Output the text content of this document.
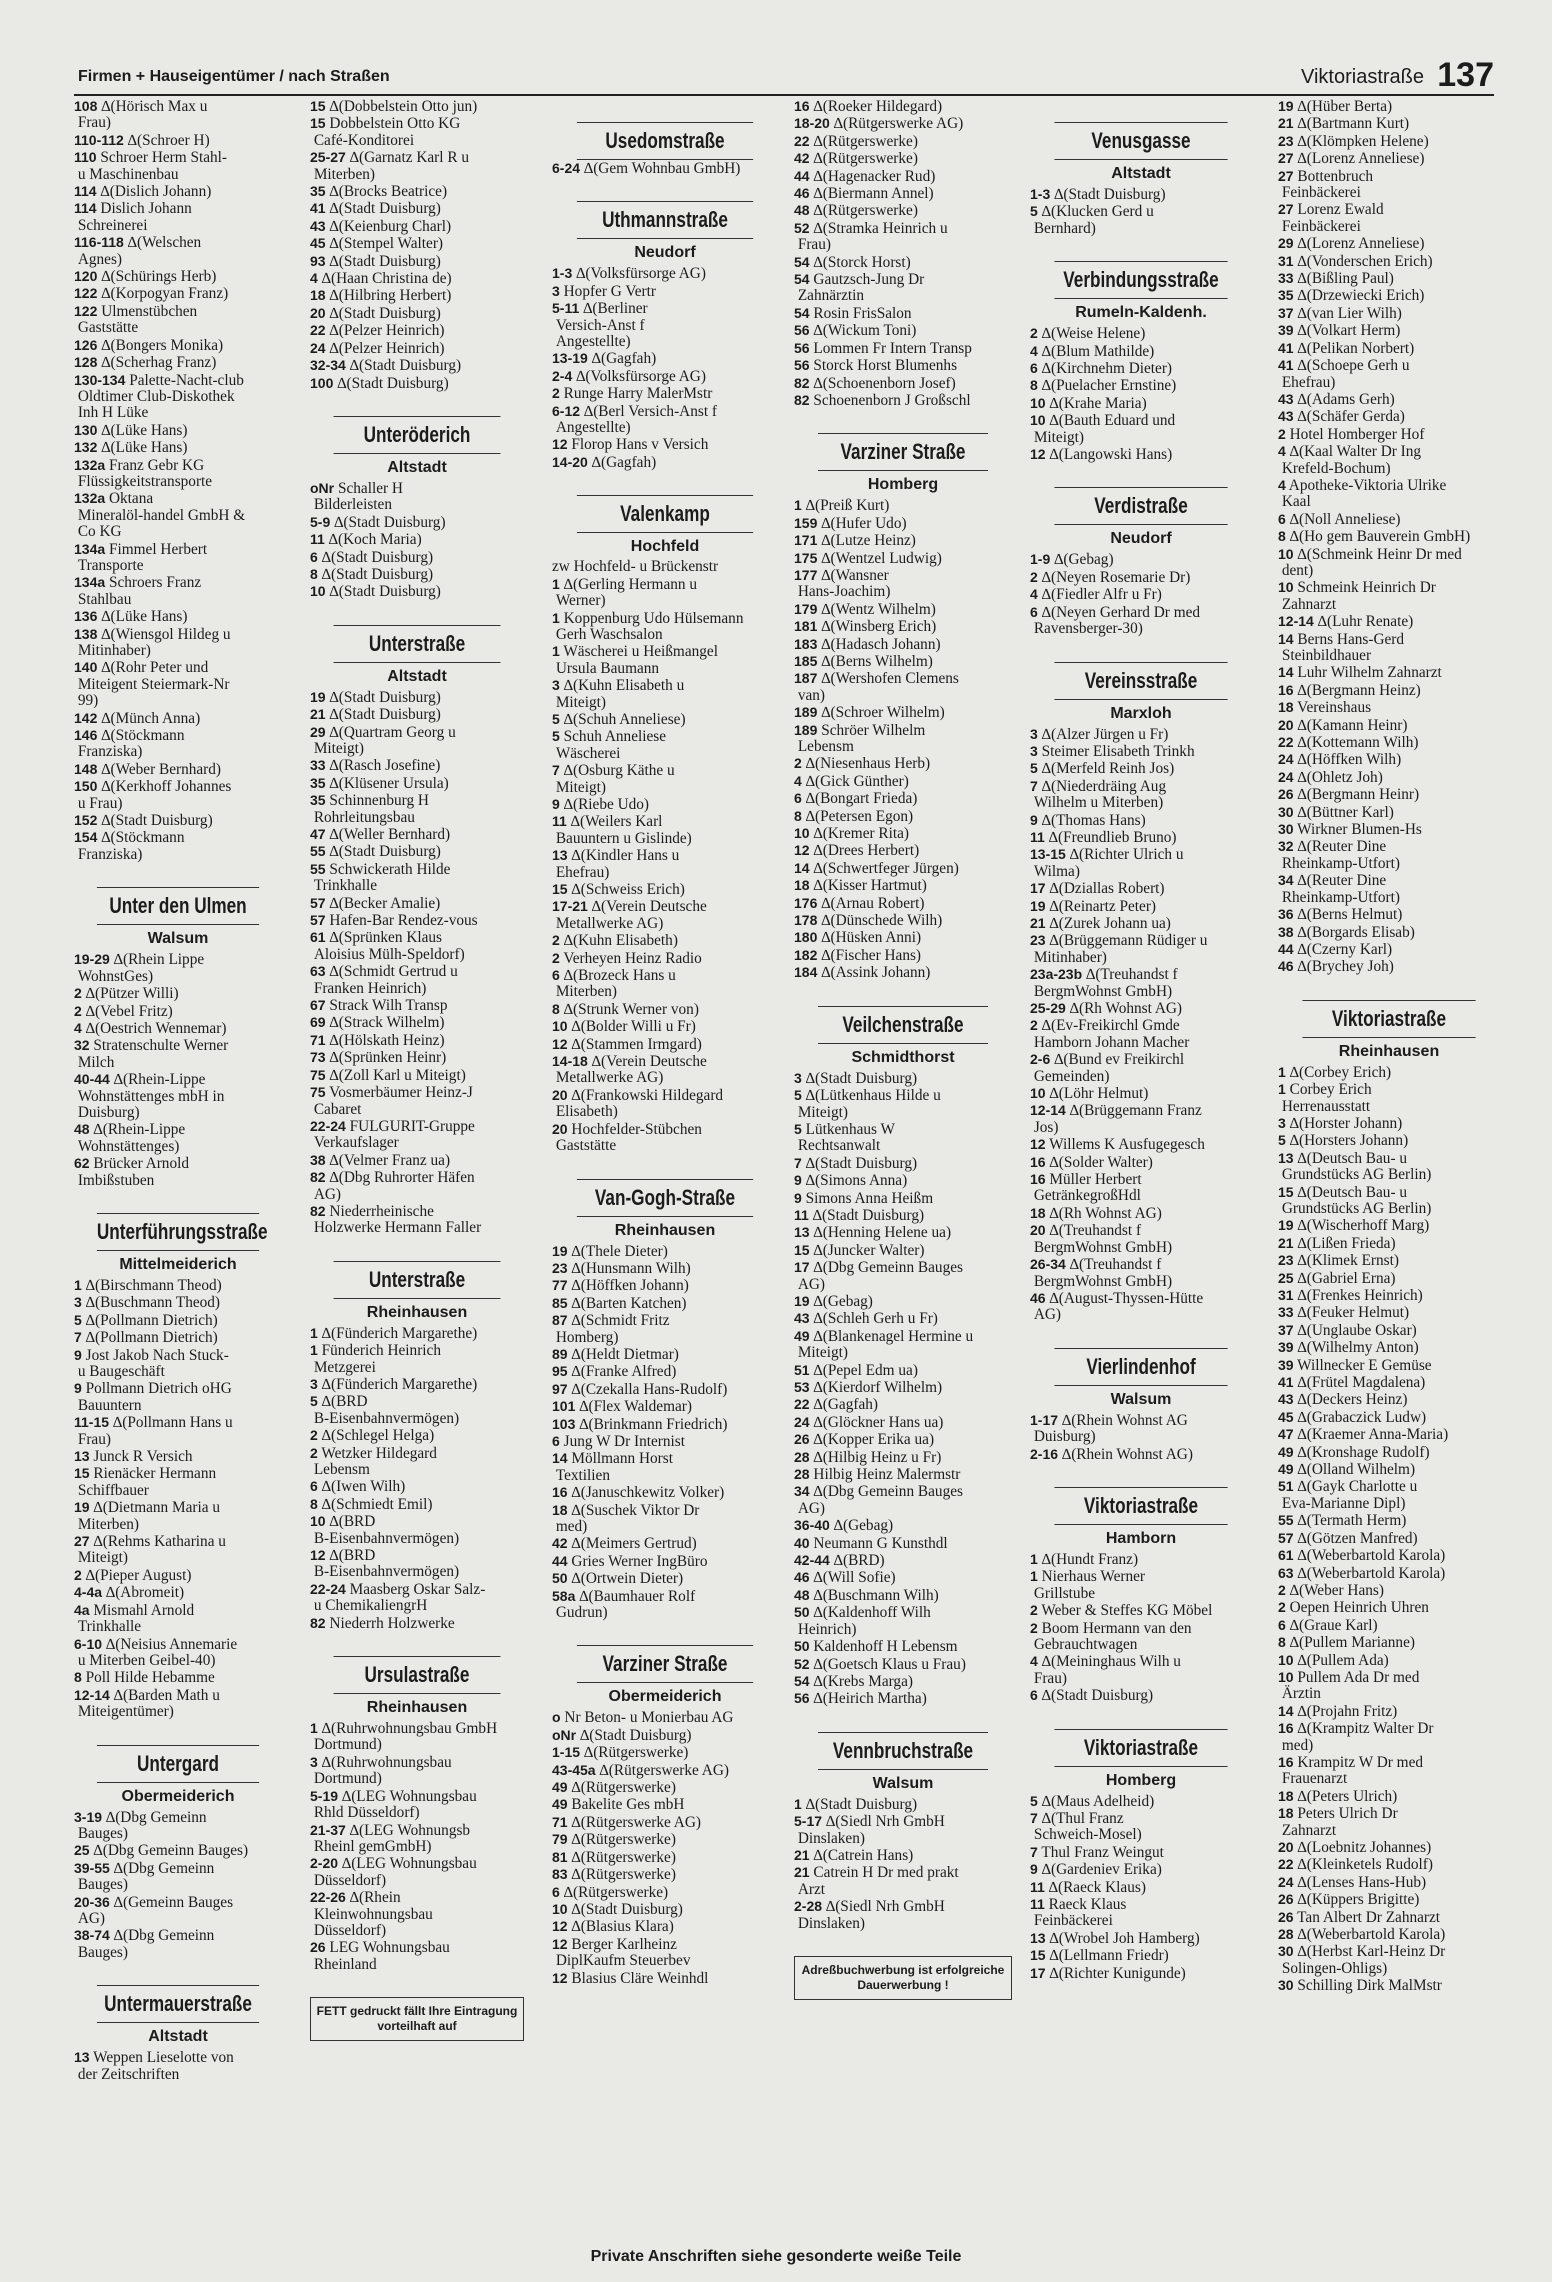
Firmen + Hauseigentümer / nach Straßen	Viktoriastraße 137
108 ∆(Hörisch Max u
Frau)
110-112 ∆(Schroer H)
110 Schroer Herm Stahl-
u Maschinenbau
114 ∆(Dislich Johann)
114 Dislich Johann
Schreinerei
116-118 ∆(Welschen
Agnes)
120 ∆(Schürings Herb)
122 ∆(Korpogyan Franz)
122 Ulmenstübchen
Gaststätte
126 ∆(Bongers Monika)
128 ∆(Scherhag Franz)
130-134 Palette-Nacht-club
Oldtimer Club-Diskothek
Inh H Lüke
130 ∆(Lüke Hans)
132 ∆(Lüke Hans)
132a Franz Gebr KG
Flüssigkeitstransporte
132a Oktana
Mineralöl-handel GmbH &
Co KG
134a Fimmel Herbert
Transporte
134a Schroers Franz
Stahlbau
136 ∆(Lüke Hans)
138 ∆(Wiensgol Hildeg u
Mitinhaber)
140 ∆(Rohr Peter und
Miteigent Steiermark-Nr
99)
142 ∆(Münch Anna)
146 ∆(Stöckmann
Franziska)
148 ∆(Weber Bernhard)
150 ∆(Kerkhoff Johannes
u Frau)
152 ∆(Stadt Duisburg)
154 ∆(Stöckmann
Franziska)
Unter den Ulmen
Walsum
19-29 ∆(Rhein Lippe
WohnstGes)
2 ∆(Pützer Willi)
2 ∆(Vebel Fritz)
4 ∆(Oestrich Wennemar)
32 Stratenschulte Werner
Milch
40-44 ∆(Rhein-Lippe
Wohnstättenges mbH in
Duisburg)
48 ∆(Rhein-Lippe
Wohnstättenges)
62 Brücker Arnold
Imbißstuben
Unterführungsstraße
Mittelmeiderich
1 ∆(Birschmann Theod)
3 ∆(Buschmann Theod)
5 ∆(Pollmann Dietrich)
7 ∆(Pollmann Dietrich)
9 Jost Jakob Nach Stuck-
u Baugeschäft
9 Pollmann Dietrich oHG
Bauuntern
11-15 ∆(Pollmann Hans u
Frau)
13 Junck R Versich
15 Rienäcker Hermann
Schiffbauer
19 ∆(Dietmann Maria u
Miterben)
27 ∆(Rehms Katharina u
Miteigt)
2 ∆(Pieper August)
4-4a ∆(Abromeit)
4a Mismahl Arnold
Trinkhalle
6-10 ∆(Neisius Annemarie
u Miterben Geibel-40)
8 Poll Hilde Hebamme
12-14 ∆(Barden Math u
Miteigentümer)
Untergard
Obermeiderich
3-19 ∆(Dbg Gemeinn
Bauges)
25 ∆(Dbg Gemeinn Bauges)
39-55 ∆(Dbg Gemeinn
Bauges)
20-36 ∆(Gemeinn Bauges
AG)
38-74 ∆(Dbg Gemeinn
Bauges)
Untermauerstraße
Altstadt
13 Weppen Lieselotte von
der Zeitschriften
15 ∆(Dobbelstein Otto jun)
15 Dobbelstein Otto KG
Café-Konditorei
25-27 ∆(Garnatz Karl R u
Miterben)
35 ∆(Brocks Beatrice)
41 ∆(Stadt Duisburg)
43 ∆(Keienburg Charl)
45 ∆(Stempel Walter)
93 ∆(Stadt Duisburg)
4 ∆(Haan Christina de)
18 ∆(Hilbring Herbert)
20 ∆(Stadt Duisburg)
22 ∆(Pelzer Heinrich)
24 ∆(Pelzer Heinrich)
32-34 ∆(Stadt Duisburg)
100 ∆(Stadt Duisburg)
Unteröderich
Altstadt
oNr Schaller H
Bilderleisten
5-9 ∆(Stadt Duisburg)
11 ∆(Koch Maria)
6 ∆(Stadt Duisburg)
8 ∆(Stadt Duisburg)
10 ∆(Stadt Duisburg)
Unterstraße
Altstadt
19 ∆(Stadt Duisburg)
21 ∆(Stadt Duisburg)
29 ∆(Quartram Georg u
Miteigt)
33 ∆(Rasch Josefine)
35 ∆(Klüsener Ursula)
35 Schinnenburg H
Rohrleitungsbau
47 ∆(Weller Bernhard)
55 ∆(Stadt Duisburg)
55 Schwickerath Hilde
Trinkhalle
57 ∆(Becker Amalie)
57 Hafen-Bar Rendez-vous
61 ∆(Sprünken Klaus
Aloisius Mülh-Speldorf)
63 ∆(Schmidt Gertrud u
Franken Heinrich)
67 Strack Wilh Transp
69 ∆(Strack Wilhelm)
71 ∆(Hölskath Heinz)
73 ∆(Sprünken Heinr)
75 ∆(Zoll Karl u Miteigt)
75 Vosmerbäumer Heinz-J
Cabaret
22-24 FULGURIT-Gruppe
Verkaufslager
38 ∆(Velmer Franz ua)
82 ∆(Dbg Ruhrorter Häfen
AG)
82 Niederrheinische
Holzwerke Hermann Faller
Unterstraße
Rheinhausen
1 ∆(Fünderich Margarethe)
1 Fünderich Heinrich
Metzgerei
3 ∆(Fünderich Margarethe)
5 ∆(BRD
B-Eisenbahnvermögen)
2 ∆(Schlegel Helga)
2 Wetzker Hildegard
Lebensm
6 ∆(Iwen Wilh)
8 ∆(Schmiedt Emil)
10 ∆(BRD
B-Eisenbahnvermögen)
12 ∆(BRD
B-Eisenbahnvermögen)
22-24 Maasberg Oskar Salz-
u ChemikaliengrH
82 Niederrh Holzwerke
Ursulastraße
Rheinhausen
1 ∆(Ruhrwohnungsbau GmbH
Dortmund)
3 ∆(Ruhrwohnungsbau
Dortmund)
5-19 ∆(LEG Wohnungsbau
Rhld Düsseldorf)
21-37 ∆(LEG Wohnungsb
Rheinl gemGmbH)
2-20 ∆(LEG Wohnungsbau
Düsseldorf)
22-26 ∆(Rhein
Kleinwohnungsbau
Düsseldorf)
26 LEG Wohnungsbau
Rheinland
FETT gedruckt fällt Ihre Eintragung vorteilhaft auf
Usedomstraße
6-24 ∆(Gem Wohnbau GmbH)
Uthmannstraße
Neudorf
1-3 ∆(Volksfürsorge AG)
3 Hopfer G Vertr
5-11 ∆(Berliner
Versich-Anst f
Angestellte)
13-19 ∆(Gagfah)
2-4 ∆(Volksfürsorge AG)
2 Runge Harry MalerMstr
6-12 ∆(Berl Versich-Anst f
Angestellte)
12 Florop Hans v Versich
14-20 ∆(Gagfah)
Valenkamp
Hochfeld
zw Hochfeld- u Brückenstr
1 ∆(Gerling Hermann u
Werner)
1 Koppenburg Udo Hülsemann
Gerh Waschsalon
1 Wäscherei u Heißmangel
Ursula Baumann
3 ∆(Kuhn Elisabeth u
Miteigt)
5 ∆(Schuh Anneliese)
5 Schuh Anneliese
Wäscherei
7 ∆(Osburg Käthe u
Miteigt)
9 ∆(Riebe Udo)
11 ∆(Weilers Karl
Bauuntern u Gislinde)
13 ∆(Kindler Hans u
Ehefrau)
15 ∆(Schweiss Erich)
17-21 ∆(Verein Deutsche
Metallwerke AG)
2 ∆(Kuhn Elisabeth)
2 Verheyen Heinz Radio
6 ∆(Brozeck Hans u
Miterben)
8 ∆(Strunk Werner von)
10 ∆(Bolder Willi u Fr)
12 ∆(Stammen Irmgard)
14-18 ∆(Verein Deutsche
Metallwerke AG)
20 ∆(Frankowski Hildegard
Elisabeth)
20 Hochfelder-Stübchen
Gaststätte
Van-Gogh-Straße
Rheinhausen
19 ∆(Thele Dieter)
23 ∆(Hunsmann Wilh)
77 ∆(Höffken Johann)
85 ∆(Barten Katchen)
87 ∆(Schmidt Fritz
Homberg)
89 ∆(Heldt Dietmar)
95 ∆(Franke Alfred)
97 ∆(Czekalla Hans-Rudolf)
101 ∆(Flex Waldemar)
103 ∆(Brinkmann Friedrich)
6 Jung W Dr Internist
14 Möllmann Horst
Textilien
16 ∆(Januschkewitz Volker)
18 ∆(Suschek Viktor Dr
med)
42 ∆(Meimers Gertrud)
44 Gries Werner IngBüro
50 ∆(Ortwein Dieter)
58a ∆(Baumhauer Rolf
Gudrun)
Varziner Straße
Obermeiderich
o Nr Beton- u Monierbau AG
oNr ∆(Stadt Duisburg)
1-15 ∆(Rütgerswerke)
43-45a ∆(Rütgerswerke AG)
49 ∆(Rütgerswerke)
49 Bakelite Ges mbH
71 ∆(Rütgerswerke AG)
79 ∆(Rütgerswerke)
81 ∆(Rütgerswerke)
83 ∆(Rütgerswerke)
6 ∆(Rütgerswerke)
10 ∆(Stadt Duisburg)
12 ∆(Blasius Klara)
12 Berger Karlheinz
DiplKaufm Steuerbev
12 Blasius Cläre Weinhdl
16 ∆(Roeker Hildegard)
18-20 ∆(Rütgerswerke AG)
22 ∆(Rütgerswerke)
42 ∆(Rütgerswerke)
44 ∆(Hagenacker Rud)
46 ∆(Biermann Annel)
48 ∆(Rütgerswerke)
52 ∆(Stramka Heinrich u
Frau)
54 ∆(Storck Horst)
54 Gautzsch-Jung Dr
Zahnärztin
54 Rosin FrisSalon
56 ∆(Wickum Toni)
56 Lommen Fr Intern Transp
56 Storck Horst Blumenhs
82 ∆(Schoenenborn Josef)
82 Schoenenborn J Großschl
Varziner Straße
Homberg
1 ∆(Preiß Kurt)
159 ∆(Hufer Udo)
171 ∆(Lutze Heinz)
175 ∆(Wentzel Ludwig)
177 ∆(Wansner
Hans-Joachim)
179 ∆(Wentz Wilhelm)
181 ∆(Winsberg Erich)
183 ∆(Hadasch Johann)
185 ∆(Berns Wilhelm)
187 ∆(Wershofen Clemens
van)
189 ∆(Schroer Wilhelm)
189 Schröer Wilhelm
Lebensm
2 ∆(Niesenhaus Herb)
4 ∆(Gick Günther)
6 ∆(Bongart Frieda)
8 ∆(Petersen Egon)
10 ∆(Kremer Rita)
12 ∆(Drees Herbert)
14 ∆(Schwertfeger Jürgen)
18 ∆(Kisser Hartmut)
176 ∆(Arnau Robert)
178 ∆(Dünschede Wilh)
180 ∆(Hüsken Anni)
182 ∆(Fischer Hans)
184 ∆(Assink Johann)
Veilchenstraße
Schmidthorst
3 ∆(Stadt Duisburg)
5 ∆(Lütkenhaus Hilde u
Miteigt)
5 Lütkenhaus W
Rechtsanwalt
7 ∆(Stadt Duisburg)
9 ∆(Simons Anna)
9 Simons Anna Heißm
11 ∆(Stadt Duisburg)
13 ∆(Henning Helene ua)
15 ∆(Juncker Walter)
17 ∆(Dbg Gemeinn Bauges
AG)
19 ∆(Gebag)
43 ∆(Schleh Gerh u Fr)
49 ∆(Blankenagel Hermine u
Miteigt)
51 ∆(Pepel Edm ua)
53 ∆(Kierdorf Wilhelm)
22 ∆(Gagfah)
24 ∆(Glöckner Hans ua)
26 ∆(Kopper Erika ua)
28 ∆(Hilbig Heinz u Fr)
28 Hilbig Heinz Malermstr
34 ∆(Dbg Gemeinn Bauges
AG)
36-40 ∆(Gebag)
40 Neumann G Kunsthdl
42-44 ∆(BRD)
46 ∆(Will Sofie)
48 ∆(Buschmann Wilh)
50 ∆(Kaldenhoff Wilh
Heinrich)
50 Kaldenhoff H Lebensm
52 ∆(Goetsch Klaus u Frau)
54 ∆(Krebs Marga)
56 ∆(Heirich Martha)
Vennbruchstraße
Walsum
1 ∆(Stadt Duisburg)
5-17 ∆(Siedl Nrh GmbH
Dinslaken)
21 ∆(Catrein Hans)
21 Catrein H Dr med prakt
Arzt
2-28 ∆(Siedl Nrh GmbH
Dinslaken)
Adreßbuchwerbung ist erfolgreiche Dauerwerbung !
Venusgasse
Altstadt
1-3 ∆(Stadt Duisburg)
5 ∆(Klucken Gerd u
Bernhard)
Verbindungsstraße
Rumeln-Kaldenh.
2 ∆(Weise Helene)
4 ∆(Blum Mathilde)
6 ∆(Kirchnehm Dieter)
8 ∆(Puelacher Ernstine)
10 ∆(Krahe Maria)
10 ∆(Bauth Eduard und
Miteigt)
12 ∆(Langowski Hans)
Verdistraße
Neudorf
1-9 ∆(Gebag)
2 ∆(Neyen Rosemarie Dr)
4 ∆(Fiedler Alfr u Fr)
6 ∆(Neyen Gerhard Dr med
Ravensberger-30)
Vereinsstraße
Marxloh
3 ∆(Alzer Jürgen u Fr)
3 Steimer Elisabeth Trinkh
5 ∆(Merfeld Reinh Jos)
7 ∆(Niederdräing Aug
Wilhelm u Miterben)
9 ∆(Thomas Hans)
11 ∆(Freundlieb Bruno)
13-15 ∆(Richter Ulrich u
Wilma)
17 ∆(Dziallas Robert)
19 ∆(Reinartz Peter)
21 ∆(Zurek Johann ua)
23 ∆(Brüggemann Rüdiger u
Mitinhaber)
23a-23b ∆(Treuhandst f
BergmWohnst GmbH)
25-29 ∆(Rh Wohnst AG)
2 ∆(Ev-Freikirchl Gmde
Hamborn Johann Macher
2-6 ∆(Bund ev Freikirchl
Gemeinden)
10 ∆(Löhr Helmut)
12-14 ∆(Brüggemann Franz
Jos)
12 Willems K Ausfugegesch
16 ∆(Solder Walter)
16 Müller Herbert
GetränkegroßHdl
18 ∆(Rh Wohnst AG)
20 ∆(Treuhandst f
BergmWohnst GmbH)
26-34 ∆(Treuhandst f
BergmWohnst GmbH)
46 ∆(August-Thyssen-Hütte
AG)
Vierlindenhof
Walsum
1-17 ∆(Rhein Wohnst AG
Duisburg)
2-16 ∆(Rhein Wohnst AG)
Viktoriastraße
Hamborn
1 ∆(Hundt Franz)
1 Nierhaus Werner
Grillstube
2 Weber & Steffes KG Möbel
2 Boom Hermann van den
Gebrauchtwagen
4 ∆(Meininghaus Wilh u
Frau)
6 ∆(Stadt Duisburg)
Viktoriastraße
Homberg
5 ∆(Maus Adelheid)
7 ∆(Thul Franz
Schweich-Mosel)
7 Thul Franz Weingut
9 ∆(Gardeniev Erika)
11 ∆(Raeck Klaus)
11 Raeck Klaus
Feinbäckerei
13 ∆(Wrobel Joh Hamberg)
15 ∆(Lellmann Friedr)
17 ∆(Richter Kunigunde)
19 ∆(Hüber Berta)
21 ∆(Bartmann Kurt)
23 ∆(Klömpken Helene)
27 ∆(Lorenz Anneliese)
27 Bottenbruch
Feinbäckerei
27 Lorenz Ewald
Feinbäckerei
29 ∆(Lorenz Anneliese)
31 ∆(Vonderschen Erich)
33 ∆(Bißling Paul)
35 ∆(Drzewiecki Erich)
37 ∆(van Lier Wilh)
39 ∆(Volkart Herm)
41 ∆(Pelikan Norbert)
41 ∆(Schoepe Gerh u
Ehefrau)
43 ∆(Adams Gerh)
43 ∆(Schäfer Gerda)
2 Hotel Homberger Hof
4 ∆(Kaal Walter Dr Ing
Krefeld-Bochum)
4 Apotheke-Viktoria Ulrike
Kaal
6 ∆(Noll Anneliese)
8 ∆(Ho gem Bauverein GmbH)
10 ∆(Schmeink Heinr Dr med
dent)
10 Schmeink Heinrich Dr
Zahnarzt
12-14 ∆(Luhr Renate)
14 Berns Hans-Gerd
Steinbildhauer
14 Luhr Wilhelm Zahnarzt
16 ∆(Bergmann Heinz)
18 Vereinshaus
20 ∆(Kamann Heinr)
22 ∆(Kottemann Wilh)
24 ∆(Höffken Wilh)
24 ∆(Ohletz Joh)
26 ∆(Bergmann Heinr)
30 ∆(Büttner Karl)
30 Wirkner Blumen-Hs
32 ∆(Reuter Dine
Rheinkamp-Utfort)
34 ∆(Reuter Dine
Rheinkamp-Utfort)
36 ∆(Berns Helmut)
38 ∆(Borgards Elisab)
44 ∆(Czerny Karl)
46 ∆(Brychey Joh)
Viktoriastraße
Rheinhausen
1 ∆(Corbey Erich)
1 Corbey Erich
Herrenausstatt
3 ∆(Horster Johann)
5 ∆(Horsters Johann)
13 ∆(Deutsch Bau- u
Grundstücks AG Berlin)
15 ∆(Deutsch Bau- u
Grundstücks AG Berlin)
19 ∆(Wischerhoff Marg)
21 ∆(Lißen Frieda)
23 ∆(Klimek Ernst)
25 ∆(Gabriel Erna)
31 ∆(Frenkes Heinrich)
33 ∆(Feuker Helmut)
37 ∆(Unglaube Oskar)
39 ∆(Wilhelmy Anton)
39 Willnecker E Gemüse
41 ∆(Frütel Magdalena)
43 ∆(Deckers Heinz)
45 ∆(Grabaczick Ludw)
47 ∆(Kraemer Anna-Maria)
49 ∆(Kronshage Rudolf)
49 ∆(Olland Wilhelm)
51 ∆(Gayk Charlotte u
Eva-Marianne Dipl)
55 ∆(Termath Herm)
57 ∆(Götzen Manfred)
61 ∆(Weberbartold Karola)
63 ∆(Weberbartold Karola)
2 ∆(Weber Hans)
2 Oepen Heinrich Uhren
6 ∆(Graue Karl)
8 ∆(Pullem Marianne)
10 ∆(Pullem Ada)
10 Pullem Ada Dr med
Ärztin
14 ∆(Projahn Fritz)
16 ∆(Krampitz Walter Dr
med)
16 Krampitz W Dr med
Frauenarzt
18 ∆(Peters Ulrich)
18 Peters Ulrich Dr
Zahnarzt
20 ∆(Loebnitz Johannes)
22 ∆(Kleinketels Rudolf)
24 ∆(Lenses Hans-Hub)
26 ∆(Küppers Brigitte)
26 Tan Albert Dr Zahnarzt
28 ∆(Weberbartold Karola)
30 ∆(Herbst Karl-Heinz Dr
Solingen-Ohligs)
30 Schilling Dirk MalMstr
Private Anschriften siehe gesonderte weiße Teile
